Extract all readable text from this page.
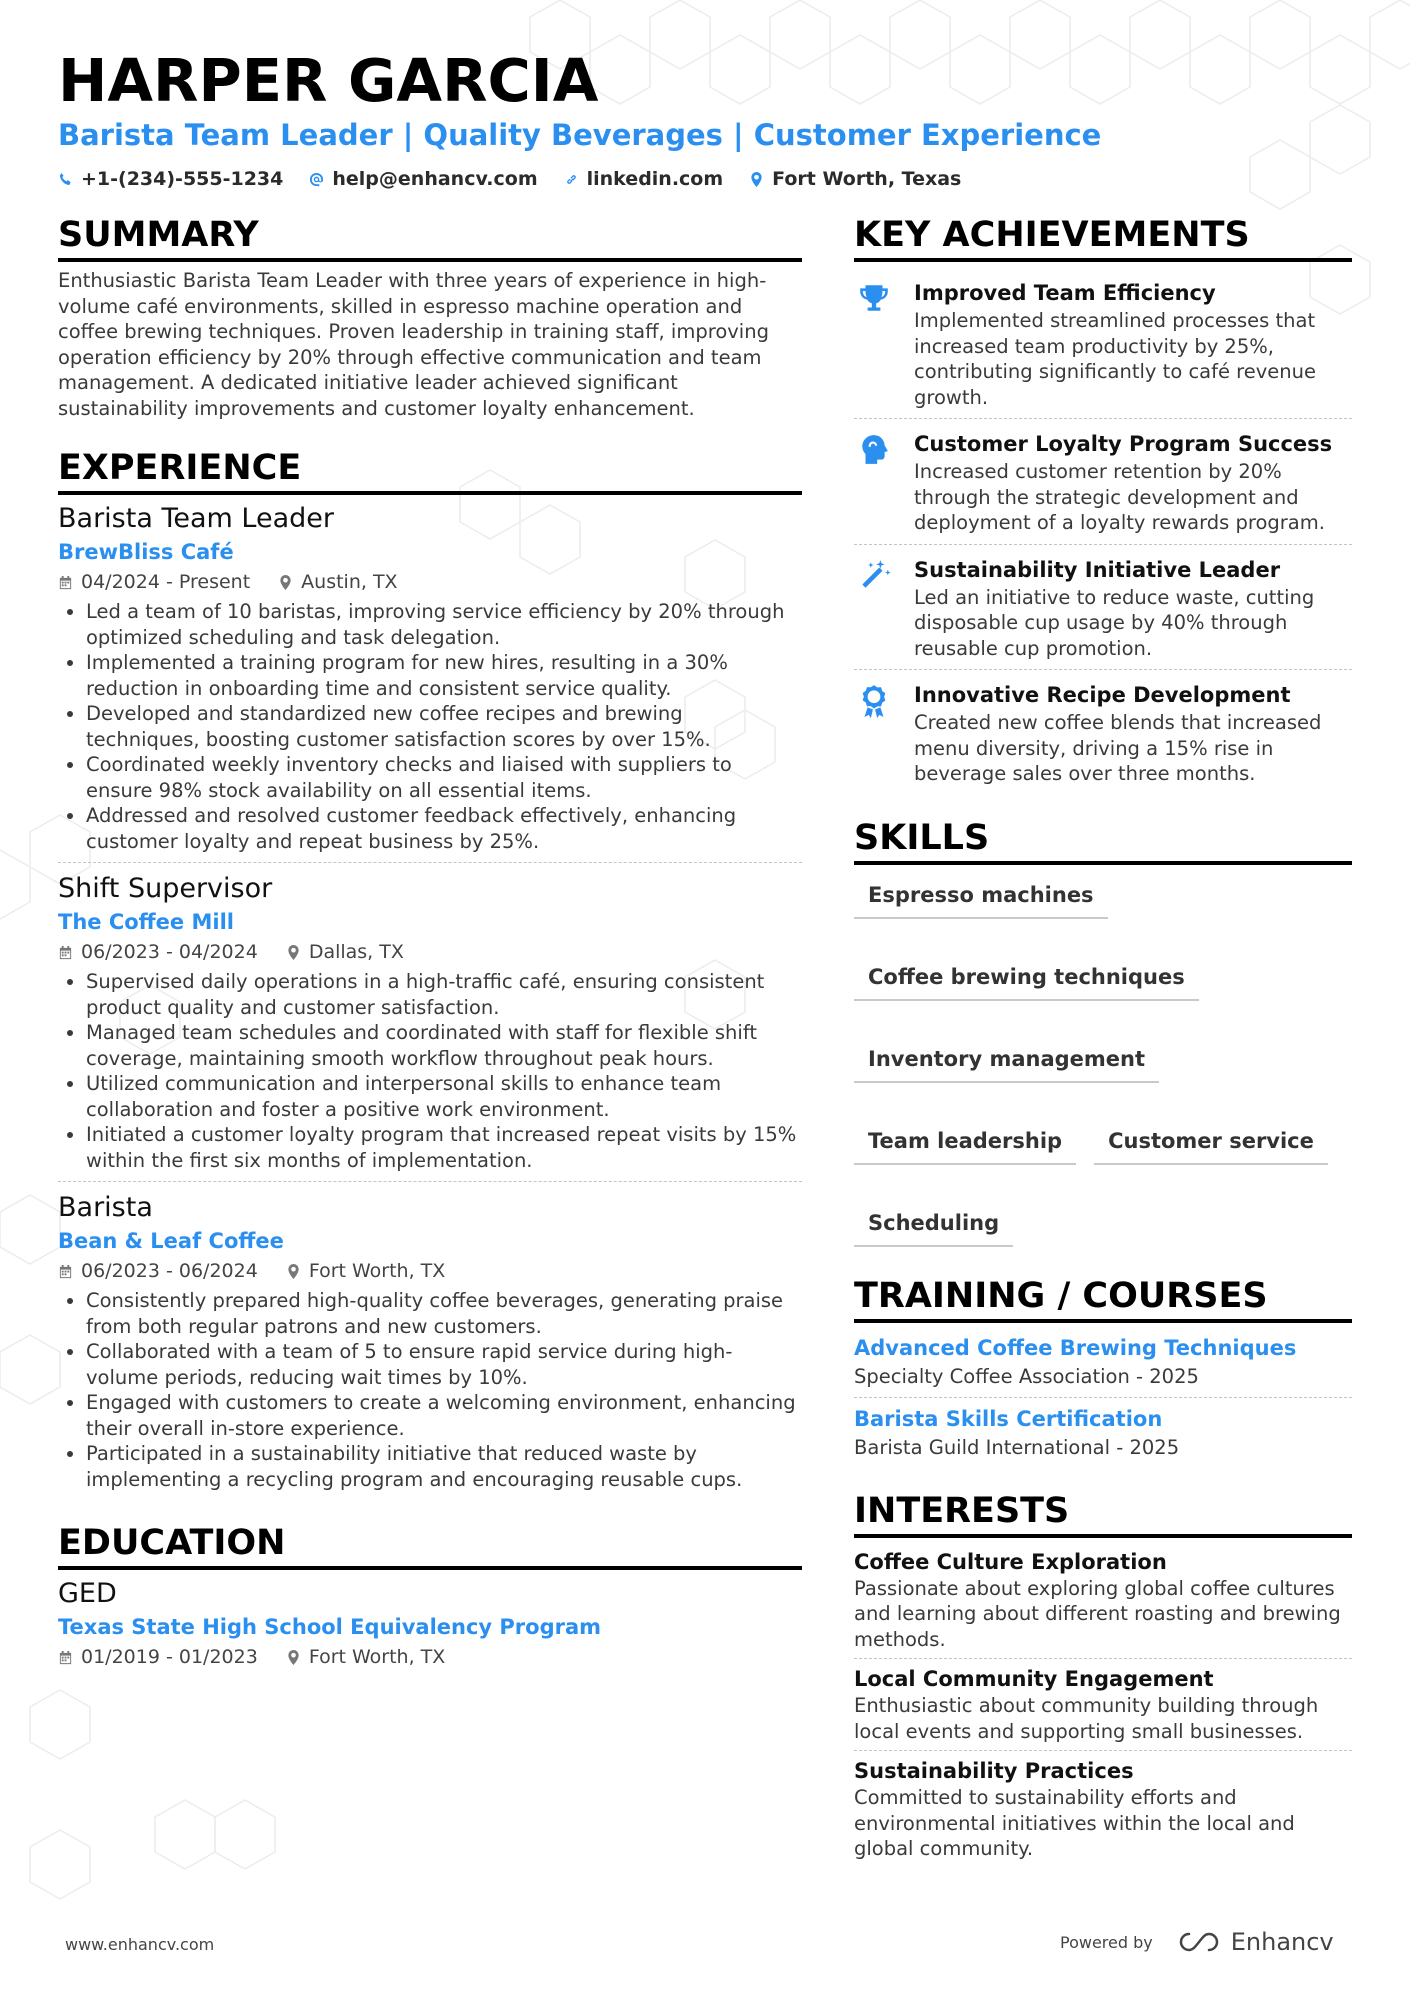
HARPER GARCIA
Barista Team Leader | Quality Beverages | Customer Experience
+1-(234)-555-1234	help@enhancv.com	linkedin.com	Fort Worth, Texas
SUMMARY

Enthusiastic Barista Team Leader with three years of experience in high-volume café environments, skilled in espresso machine operation and coffee brewing techniques. Proven leadership in training staff, improving operation efficiency by 20% through effective communication and team management. A dedicated initiative leader achieved significant sustainability improvements and customer loyalty enhancement.

EXPERIENCE
Barista Team Leader
BrewBliss Café
04/2024 - Present	Austin, TX
• Led a team of 10 baristas, improving service efficiency by 20% through optimized scheduling and task delegation.
• Implemented a training program for new hires, resulting in a 30% reduction in onboarding time and consistent service quality.
• Developed and standardized new coffee recipes and brewing techniques, boosting customer satisfaction scores by over 15%.
• Coordinated weekly inventory checks and liaised with suppliers to ensure 98% stock availability on all essential items.
• Addressed and resolved customer feedback effectively, enhancing customer loyalty and repeat business by 25%.
Shift Supervisor
The Coffee Mill
06/2023 - 04/2024	Dallas, TX
• Supervised daily operations in a high-traffic café, ensuring consistent product quality and customer satisfaction.
• Managed team schedules and coordinated with staff for flexible shift coverage, maintaining smooth workflow throughout peak hours.
• Utilized communication and interpersonal skills to enhance team collaboration and foster a positive work environment.
• Initiated a customer loyalty program that increased repeat visits by 15% within the first six months of implementation.
Barista
Bean & Leaf Coffee
06/2023 - 06/2024	Fort Worth, TX
• Consistently prepared high-quality coffee beverages, generating praise from both regular patrons and new customers.
• Collaborated with a team of 5 to ensure rapid service during high-volume periods, reducing wait times by 10%.
• Engaged with customers to create a welcoming environment, enhancing their overall in-store experience.
• Participated in a sustainability initiative that reduced waste by implementing a recycling program and encouraging reusable cups.
EDUCATION
GED
Texas State High School Equivalency Program
01/2019 - 01/2023	Fort Worth, TX
KEY ACHIEVEMENTS
Improved Team Efficiency
Implemented streamlined processes that increased team productivity by 25%, contributing significantly to café revenue growth.
Customer Loyalty Program Success
Increased customer retention by 20% through the strategic development and deployment of a loyalty rewards program.
Sustainability Initiative Leader
Led an initiative to reduce waste, cutting disposable cup usage by 40% through reusable cup promotion.
Innovative Recipe Development
Created new coffee blends that increased menu diversity, driving a 15% rise in beverage sales over three months.
SKILLS
Espresso machines
Coffee brewing techniques
Inventory management
Team leadership	Customer service
Scheduling
TRAINING / COURSES
Advanced Coffee Brewing Techniques
Specialty Coffee Association - 2025
Barista Skills Certification
Barista Guild International - 2025
INTERESTS
Coffee Culture Exploration
Passionate about exploring global coffee cultures and learning about different roasting and brewing methods.
Local Community Engagement
Enthusiastic about community building through local events and supporting small businesses.
Sustainability Practices
Committed to sustainability efforts and environmental initiatives within the local and global community.
www.enhancv.com	Powered by	Enhancv
